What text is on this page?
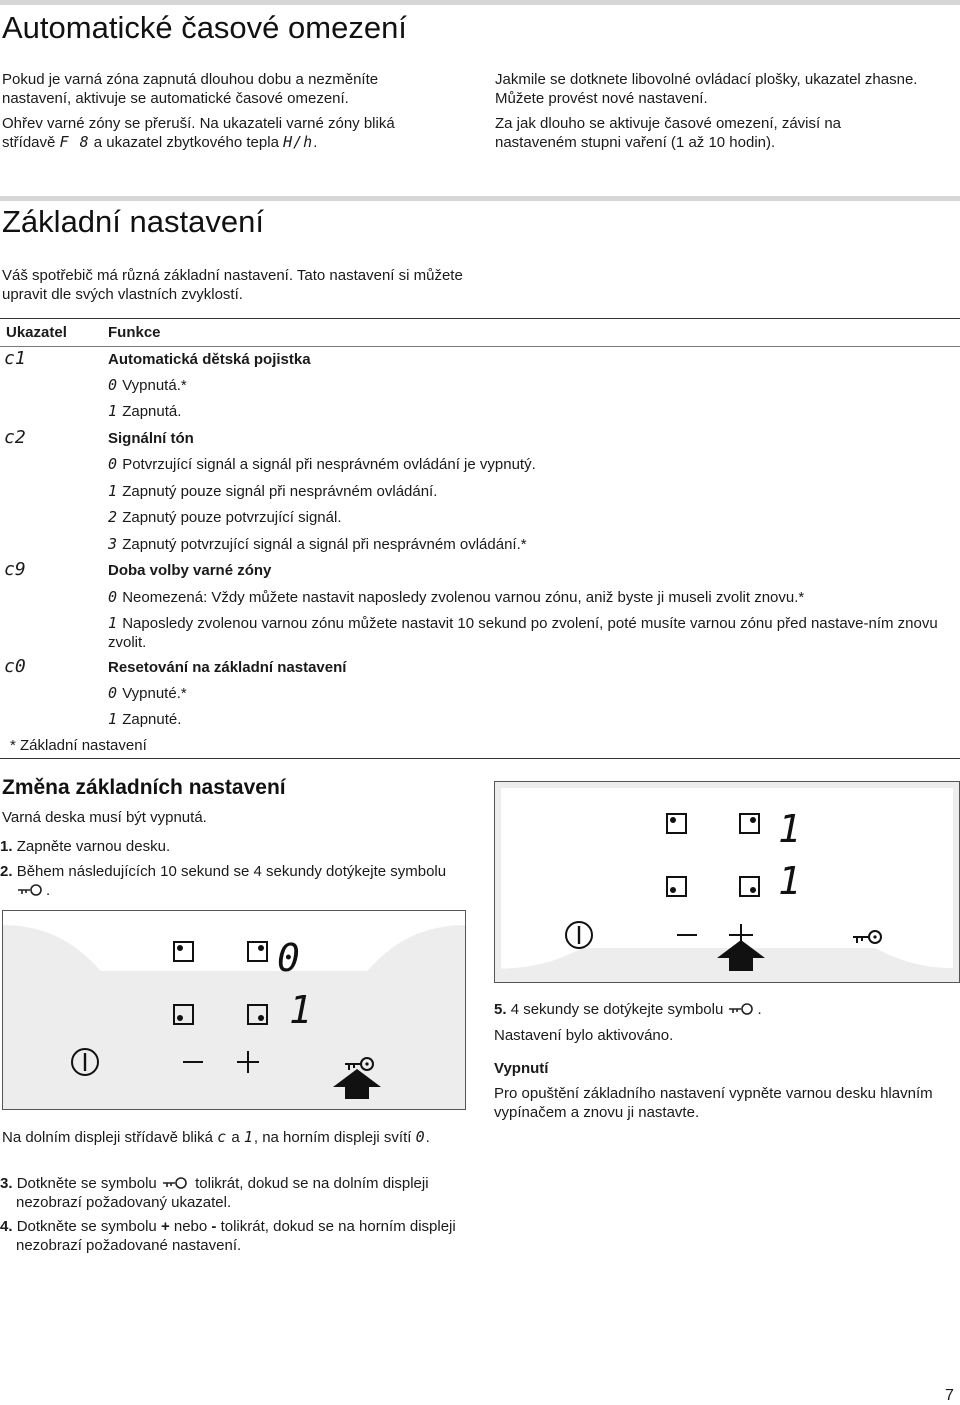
Automatické časové omezení

Pokud je varná zóna zapnutá dlouhou dobu a nezměníte nastavení, aktivuje se automatické časové omezení.

Ohřev varné zóny se přeruší. Na ukazateli varné zóny bliká střídavě F 8 a ukazatel zbytkového tepla H/h.

Jakmile se dotknete libovolné ovládací plošky, ukazatel zhasne. Můžete provést nové nastavení.

Za jak dlouho se aktivuje časové omezení, závisí na nastaveném stupni vaření (1 až 10 hodin).

Základní nastavení

Váš spotřebič má různá základní nastavení. Tato nastavení si můžete upravit dle svých vlastních zvyklostí.

Ukazatel	Funkce
c1	Automatická dětská pojistka
0 Vypnutá.*
1 Zapnutá.
c2	Signální tón
0 Potvrzující signál a signál při nesprávném ovládání je vypnutý.
1 Zapnutý pouze signál při nesprávném ovládání.
2 Zapnutý pouze potvrzující signál.
3 Zapnutý potvrzující signál a signál při nesprávném ovládání.*
c9	Doba volby varné zóny
0 Neomezená: Vždy můžete nastavit naposledy zvolenou varnou zónu, aniž byste ji museli zvolit znovu.*
1 Naposledy zvolenou varnou zónu můžete nastavit 10 sekund po zvolení, poté musíte varnou zónu před nastave-ním znovu zvolit.
c0	Resetování na základní nastavení
0 Vypnuté.*
1 Zapnuté.
* Základní nastavení
Změna základních nastavení

Varná deska musí být vypnutá.

1. Zapněte varnou desku.
2. Během následujících 10 sekund se 4 sekundy dotýkejte symbolu .
0
1
Na dolním displeji střídavě bliká c a 1, na horním displeji svítí 0.
3. Dotkněte se symbolu	tolikrát, dokud se na dolním displeji nezobrazí požadovaný ukazatel.
4. Dotkněte se symbolu + nebo - tolikrát, dokud se na horním displeji nezobrazí požadované nastavení.
1
1
5. 4 sekundy se dotýkejte symbolu .

Nastavení bylo aktivováno.

Vypnutí

Pro opuštění základního nastavení vypněte varnou desku hlavním vypínačem a znovu ji nastavte.

7
